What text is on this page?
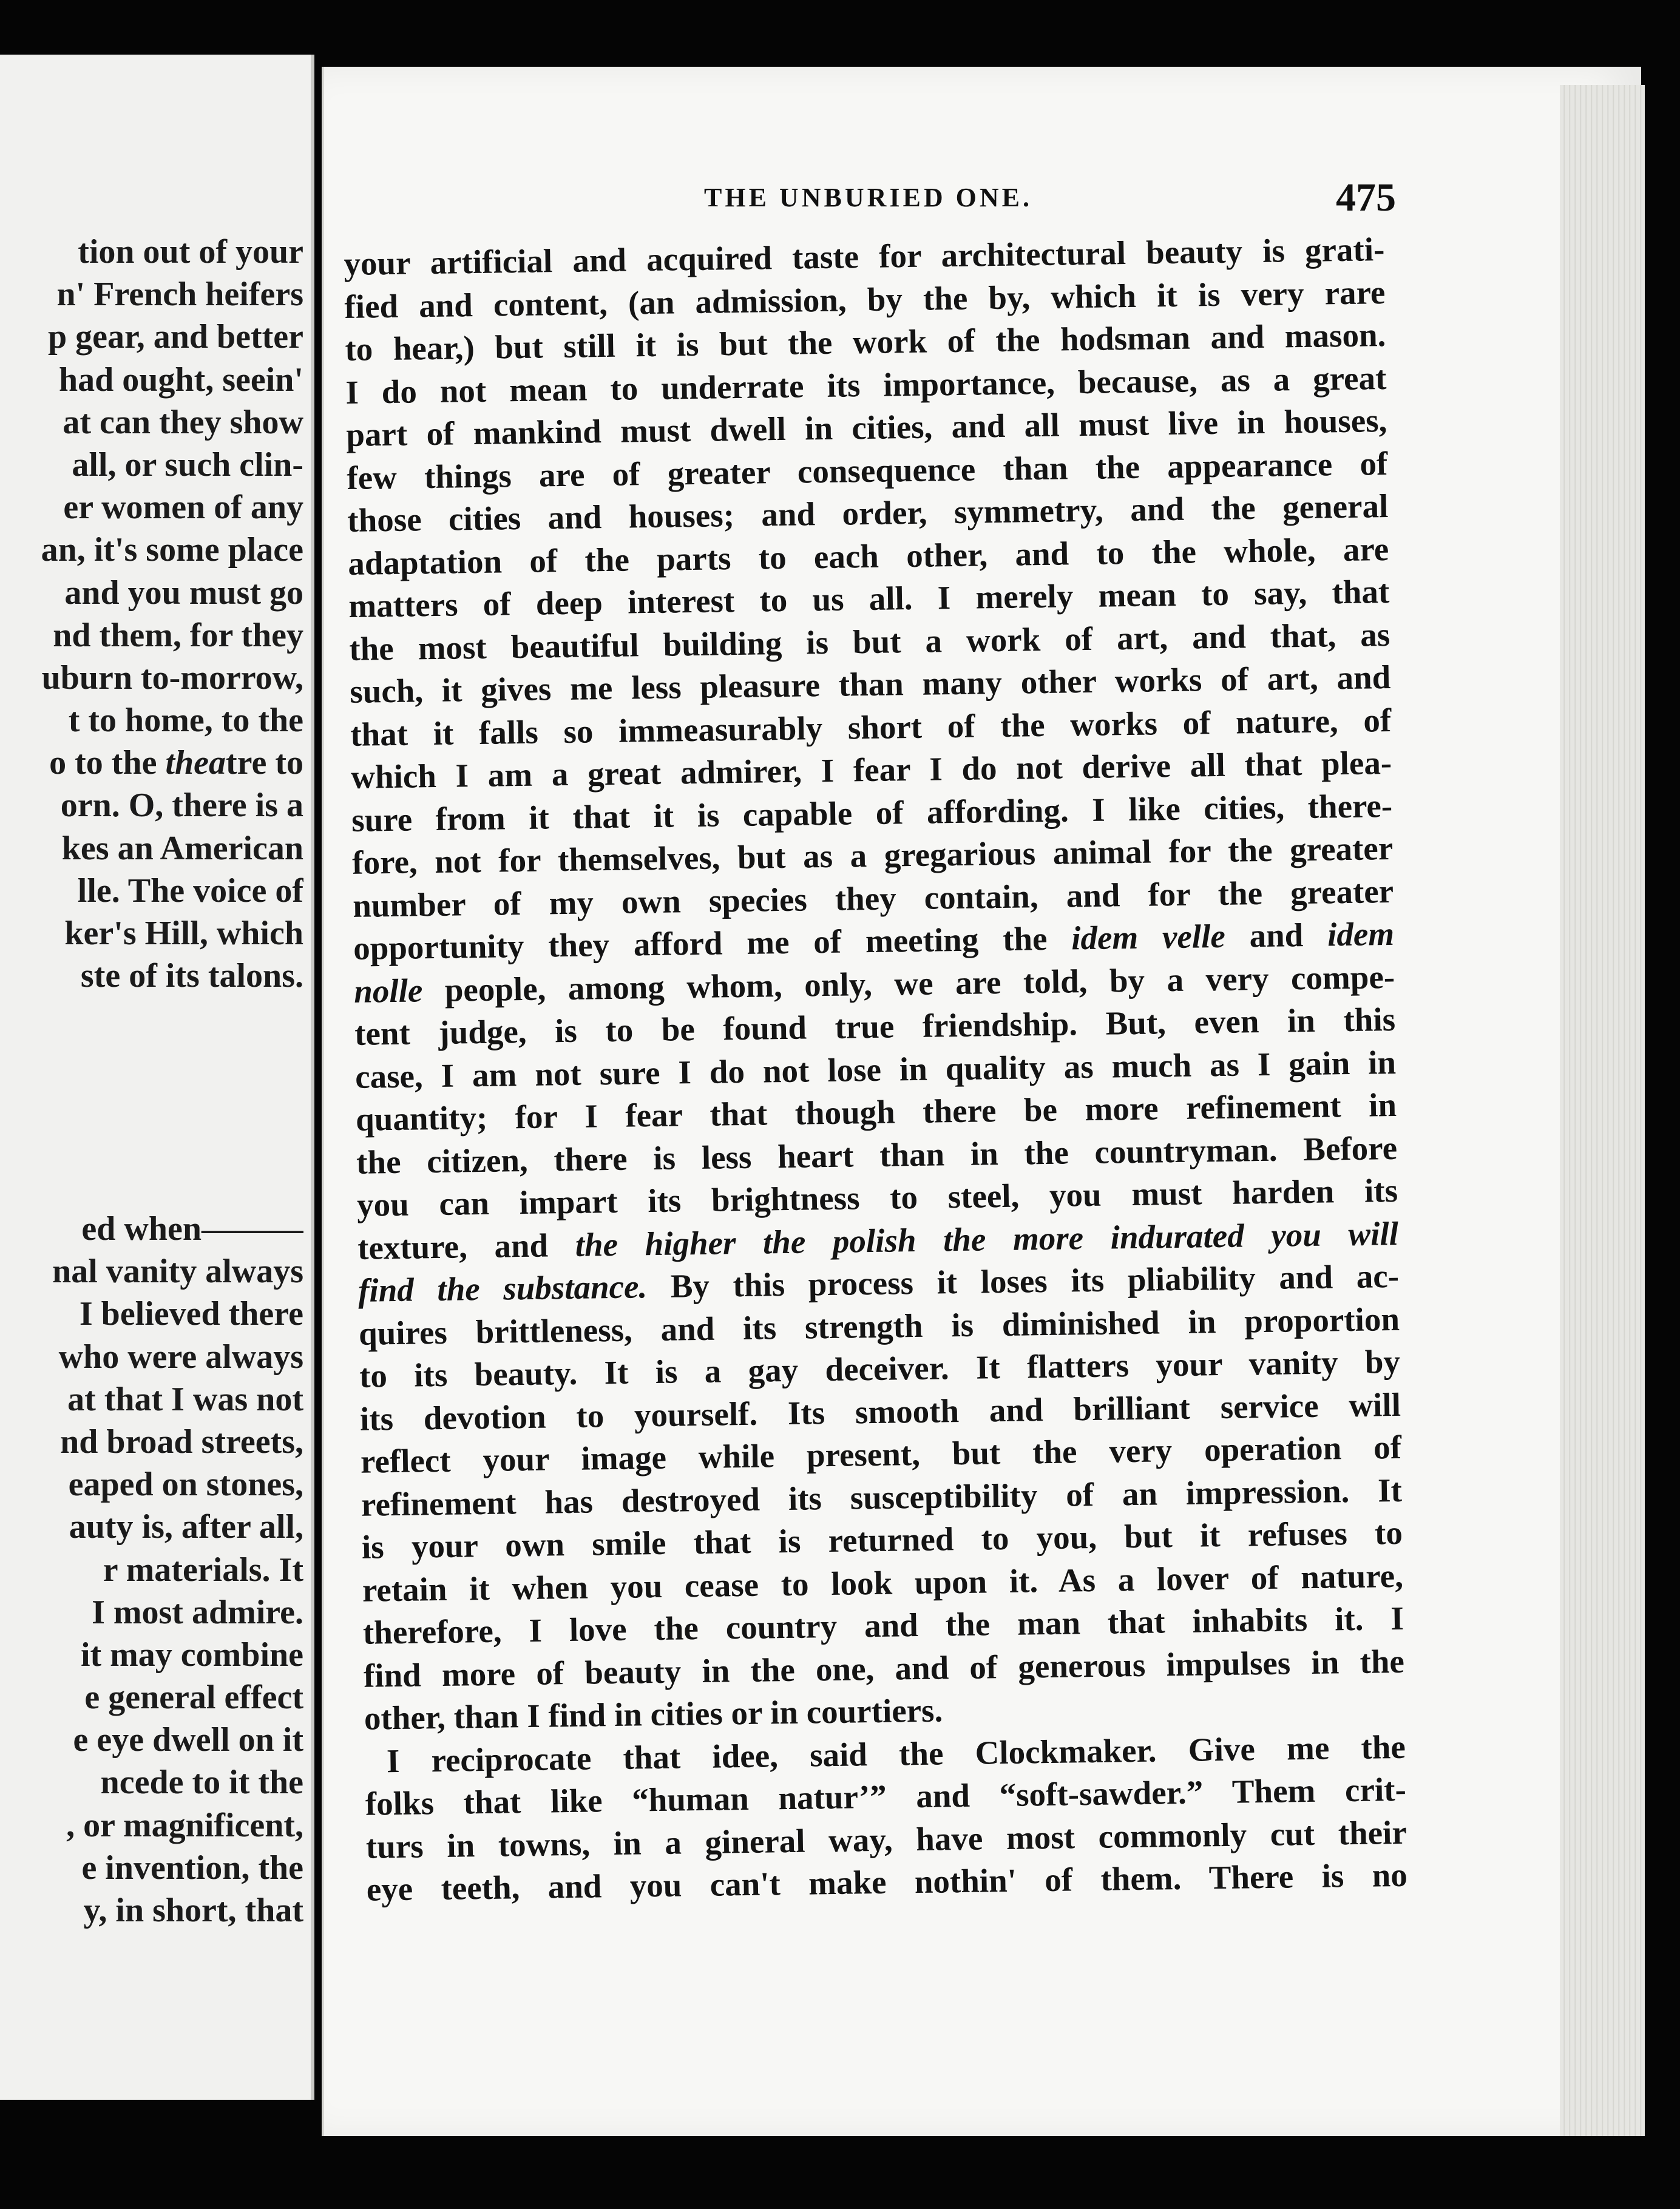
tion out of your
n' French heifers
p gear, and better
had ought, seein'
at can they show
all, or such clin-
er women of any
an, it's some place
and you must go
nd them, for they
uburn to-morrow,
t to home, to the
o to the theatre to
orn. O, there is a
kes an American
lle. The voice of
ker's Hill, which
ste of its talons.
ed when———
nal vanity always
I believed there
who were always
at that I was not
nd broad streets,
eaped on stones,
auty is, after all,
r materials. It
I most admire.
it may combine
e general effect
e eye dwell on it
ncede to it the
, or magnificent,
e invention, the
y, in short, that
THE UNBURIED ONE.	475
your artificial and acquired taste for architectural beauty is grati-
fied and content, (an admission, by the by, which it is very rare
to hear,) but still it is but the work of the hodsman and mason.
I do not mean to underrate its importance, because, as a great
part of mankind must dwell in cities, and all must live in houses,
few things are of greater consequence than the appearance of
those cities and houses; and order, symmetry, and the general
adaptation of the parts to each other, and to the whole, are
matters of deep interest to us all. I merely mean to say, that
the most beautiful building is but a work of art, and that, as
such, it gives me less pleasure than many other works of art, and
that it falls so immeasurably short of the works of nature, of
which I am a great admirer, I fear I do not derive all that plea-
sure from it that it is capable of affording. I like cities, there-
fore, not for themselves, but as a gregarious animal for the greater
number of my own species they contain, and for the greater
opportunity they afford me of meeting the idem velle and idem
nolle people, among whom, only, we are told, by a very compe-
tent judge, is to be found true friendship. But, even in this
case, I am not sure I do not lose in quality as much as I gain in
quantity; for I fear that though there be more refinement in
the citizen, there is less heart than in the countryman. Before
you can impart its brightness to steel, you must harden its
texture, and the higher the polish the more indurated you will
find the substance. By this process it loses its pliability and ac-
quires brittleness, and its strength is diminished in proportion
to its beauty. It is a gay deceiver. It flatters your vanity by
its devotion to yourself. Its smooth and brilliant service will
reflect your image while present, but the very operation of
refinement has destroyed its susceptibility of an impression. It
is your own smile that is returned to you, but it refuses to
retain it when you cease to look upon it. As a lover of nature,
therefore, I love the country and the man that inhabits it. I
find more of beauty in the one, and of generous impulses in the
other, than I find in cities or in courtiers.
I reciprocate that idee, said the Clockmaker. Give me the
folks that like “human natur’” and “soft-sawder.” Them crit-
turs in towns, in a gineral way, have most commonly cut their
eye teeth, and you can't make nothin' of them. There is no
